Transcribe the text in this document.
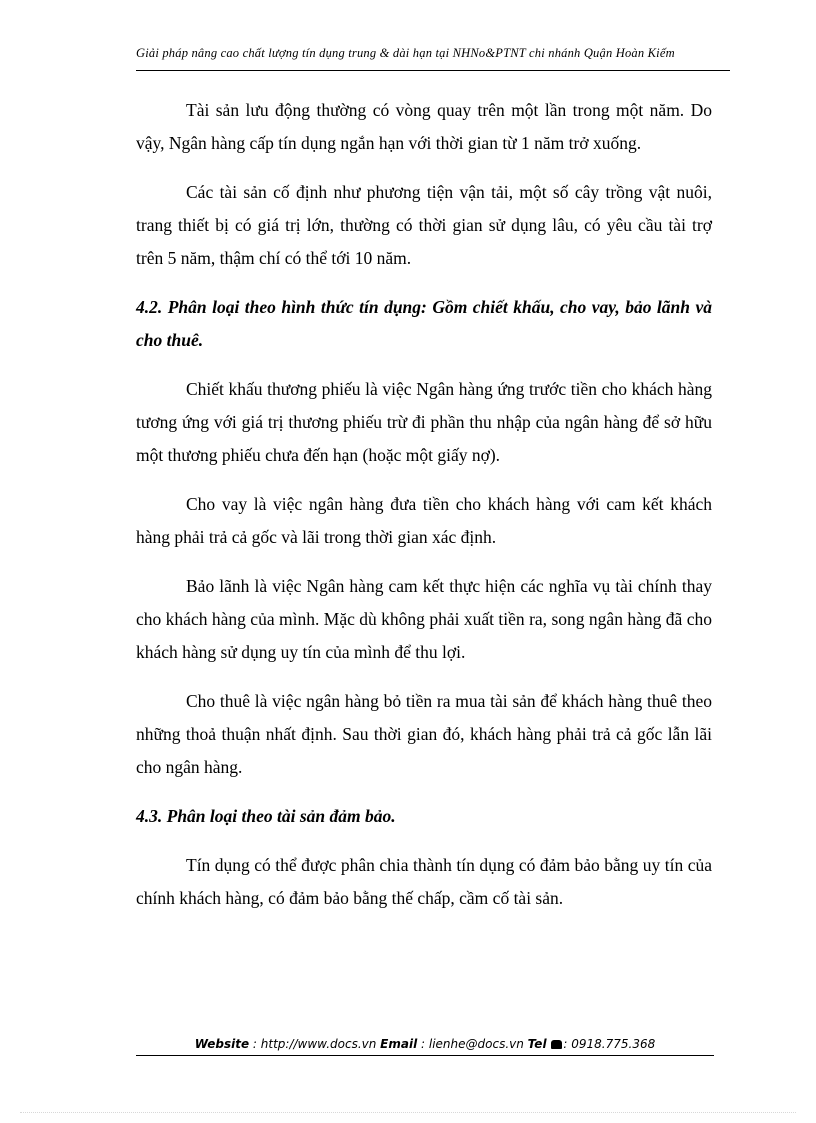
Giải pháp nâng cao chất lượng tín dụng trung & dài hạn tại NHNo&PTNT chi nhánh Quận Hoàn Kiếm

Tài sản lưu động thường có vòng quay trên một lần trong một năm. Do vậy, Ngân hàng cấp tín dụng ngắn hạn với thời gian từ 1 năm trở xuống.

Các tài sản cố định như phương tiện vận tải, một số cây trồng vật nuôi, trang thiết bị có giá trị lớn, thường có thời gian sử dụng lâu, có yêu cầu tài trợ trên 5 năm, thậm chí có thể tới 10 năm.

4.2. Phân loại theo hình thức tín dụng: Gồm chiết khấu, cho vay, bảo lãnh và cho thuê.

Chiết khấu thương phiếu là việc Ngân hàng ứng trước tiền cho khách hàng tương ứng với giá trị thương phiếu trừ đi phần thu nhập của ngân hàng để sở hữu một thương phiếu chưa đến hạn (hoặc một giấy nợ).

Cho vay là việc ngân hàng đưa tiền cho khách hàng với cam kết khách hàng phải trả cả gốc và lãi trong thời gian xác định.

Bảo lãnh là việc Ngân hàng cam kết thực hiện các nghĩa vụ tài chính thay cho khách hàng của mình. Mặc dù không phải xuất tiền ra, song ngân hàng đã cho khách hàng sử dụng uy tín của mình để thu lợi.

Cho thuê là việc ngân hàng bỏ tiền ra mua tài sản để khách hàng thuê theo những thoả thuận nhất định. Sau thời gian đó, khách hàng phải trả cả gốc lẫn lãi cho ngân hàng.

4.3. Phân loại theo tài sản đảm bảo.

Tín dụng có thể được phân chia thành tín dụng có đảm bảo bằng uy tín của chính khách hàng, có đảm bảo bằng thế chấp, cầm cố tài sản.

Website : http://www.docs.vn Email : lienhe@docs.vn Tel : 0918.775.368
